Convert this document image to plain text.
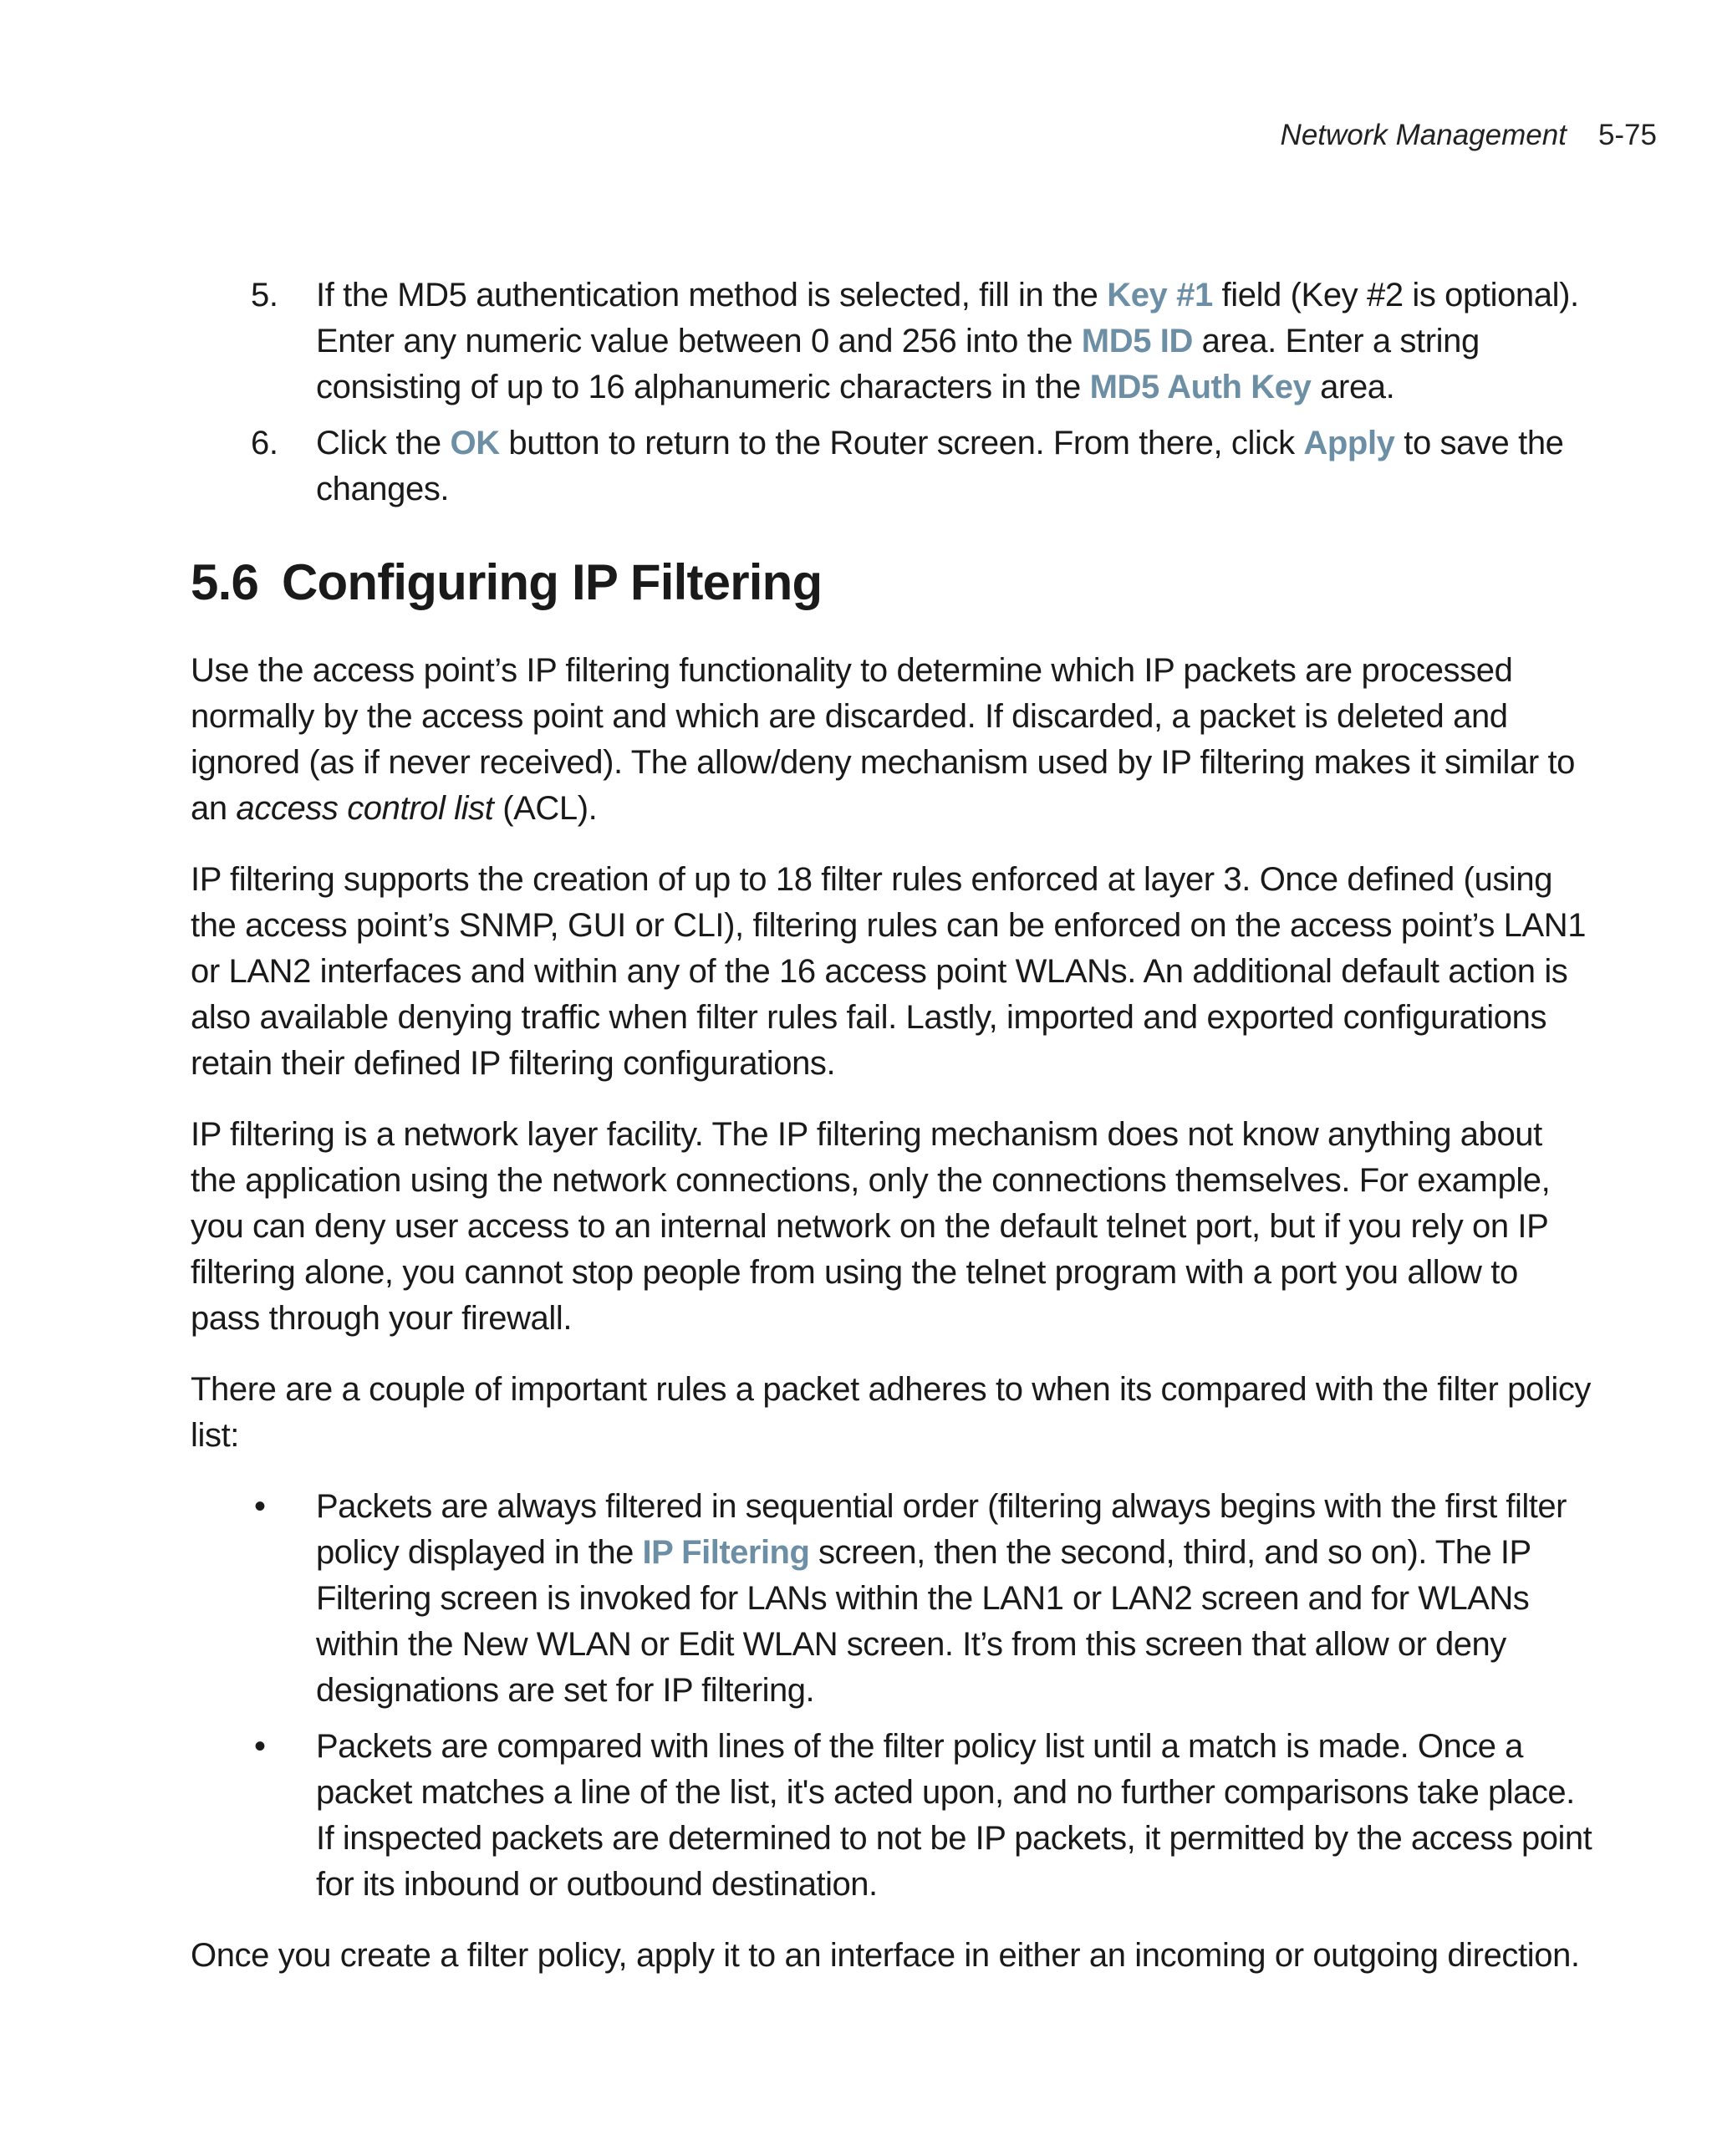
Network Management 5-75
5. If the MD5 authentication method is selected, fill in the Key #1 field (Key #2 is optional). Enter any numeric value between 0 and 256 into the MD5 ID area. Enter a string consisting of up to 16 alphanumeric characters in the MD5 Auth Key area.
6. Click the OK button to return to the Router screen. From there, click Apply to save the changes.
5.6 Configuring IP Filtering

Use the access point’s IP filtering functionality to determine which IP packets are processed normally by the access point and which are discarded. If discarded, a packet is deleted and ignored (as if never received). The allow/deny mechanism used by IP filtering makes it similar to an access control list (ACL).

IP filtering supports the creation of up to 18 filter rules enforced at layer 3. Once defined (using the access point’s SNMP, GUI or CLI), filtering rules can be enforced on the access point’s LAN1 or LAN2 interfaces and within any of the 16 access point WLANs. An additional default action is also available denying traffic when filter rules fail. Lastly, imported and exported configurations retain their defined IP filtering configurations.

IP filtering is a network layer facility. The IP filtering mechanism does not know anything about the application using the network connections, only the connections themselves. For example, you can deny user access to an internal network on the default telnet port, but if you rely on IP filtering alone, you cannot stop people from using the telnet program with a port you allow to pass through your firewall.

There are a couple of important rules a packet adheres to when its compared with the filter policy list:

• Packets are always filtered in sequential order (filtering always begins with the first filter policy displayed in the IP Filtering screen, then the second, third, and so on). The IP Filtering screen is invoked for LANs within the LAN1 or LAN2 screen and for WLANs within the New WLAN or Edit WLAN screen. It’s from this screen that allow or deny designations are set for IP filtering.
• Packets are compared with lines of the filter policy list until a match is made. Once a packet matches a line of the list, it's acted upon, and no further comparisons take place. If inspected packets are determined to not be IP packets, it permitted by the access point for its inbound or outbound destination.

Once you create a filter policy, apply it to an interface in either an incoming or outgoing direction.
